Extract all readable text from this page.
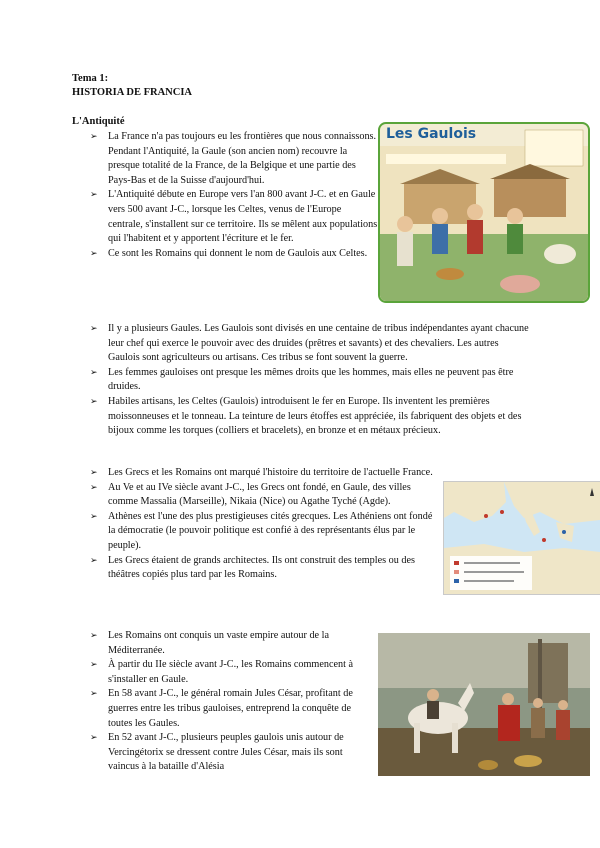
Tema 1:
HISTORIA DE FRANCIA
L'Antiquité
➢ La France n'a pas toujours eu les frontières que nous connaissons. Pendant l'Antiquité, la Gaule (son ancien nom) recouvre la presque totalité de la France, de la Belgique et une partie des Pays-Bas et de la Suisse d'aujourd'hui.
➢ L'Antiquité débute en Europe vers l'an 800 avant J-C. et en Gaule vers 500 avant J-C., lorsque les Celtes, venus de l'Europe centrale, s'installent sur ce territoire. Ils se mêlent aux populations qui l'habitent et y apportent l'écriture et le fer.
➢ Ce sont les Romains qui donnent le nom de Gaulois aux Celtes.
Les Gaulois
➢ Il y a plusieurs Gaules. Les Gaulois sont divisés en une centaine de tribus indépendantes ayant chacune leur chef qui exerce le pouvoir avec des druides (prêtres et savants) et des chevaliers. Les autres Gaulois sont agriculteurs ou artisans. Ces tribus se font souvent la guerre.
➢ Les femmes gauloises ont presque les mêmes droits que les hommes, mais elles ne peuvent pas être druides.
➢ Habiles artisans, les Celtes (Gaulois) introduisent le fer en Europe. Ils inventent les premières moissonneuses et le tonneau. La teinture de leurs étoffes est appréciée, ils fabriquent des objets et des bijoux comme les torques (colliers et bracelets), en bronze et en métaux précieux.
➢ Les Grecs et les Romains ont marqué l'histoire du territoire de l'actuelle France.
➢ Au Ve et au IVe siècle avant J-C., les Grecs ont fondé, en Gaule, des villes comme Massalia (Marseille), Nikaia (Nice) ou Agathe Tyché (Agde).
➢ Athènes est l'une des plus prestigieuses cités grecques. Les Athéniens ont fondé la démocratie (le pouvoir politique est confié à des représentants élus par le peuple).
➢ Les Grecs étaient de grands architectes. Ils ont construit des temples ou des théâtres copiés plus tard par les Romains.
➢ Les Romains ont conquis un vaste empire autour de la Méditerranée.
➢ À partir du IIe siècle avant J-C., les Romains commencent à s'installer en Gaule.
➢ En 58 avant J-C., le général romain Jules César, profitant de guerres entre les tribus gauloises, entreprend la conquête de toutes les Gaules.
➢ En 52 avant J-C., plusieurs peuples gaulois unis autour de Vercingétorix se dressent contre Jules César, mais ils sont vaincus à la bataille d'Alésia
